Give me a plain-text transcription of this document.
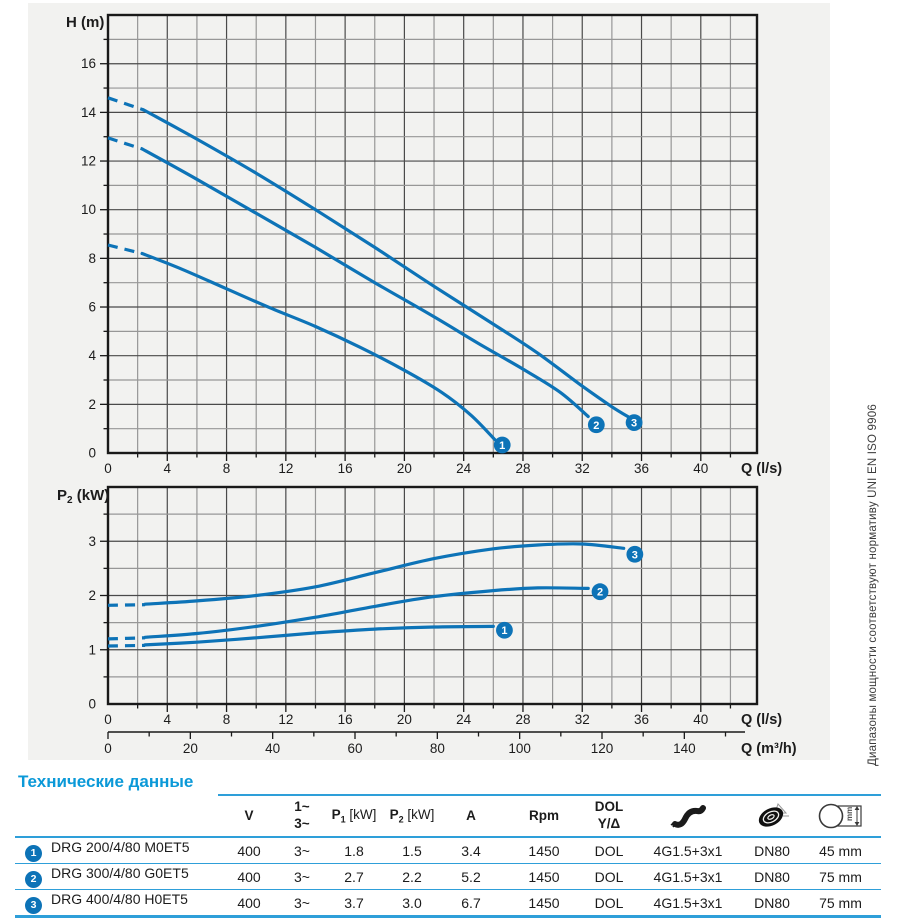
0	4	8	12	16	20	24	28	32	36	40 Q (l/s)
0
2
4
6
8
10
12
14
16
1
2	3
H (m)
0	4	8	12	16	20	24	28	32	36	40 Q (l/s)
0
1
2
3
0	20	40	60	80	100	120	140	Q (m³/h)
1
2
3
$P_2$ (kW)	Диапазоны мощности соответствуют нормативу UNI EN ISO 9906
Технические данные
	V	
1~
3~
	$P_1$ [kW]	$P_2$ [kW]	A	Rpm	
DOL
Y/Δ

mm

1 DRG 200/4/80 M0ET5	400	3~	1.8	1.5	3.4	1450	DOL	4G1.5+3x1	DN80	45 mm
2 DRG 300/4/80 G0ET5	400	3~	2.7	2.2	5.2	1450	DOL	4G1.5+3x1	DN80	75 mm
3 DRG 400/4/80 H0ET5	400	3~	3.7	3.0	6.7	1450	DOL	4G1.5+3x1	DN80	75 mm
